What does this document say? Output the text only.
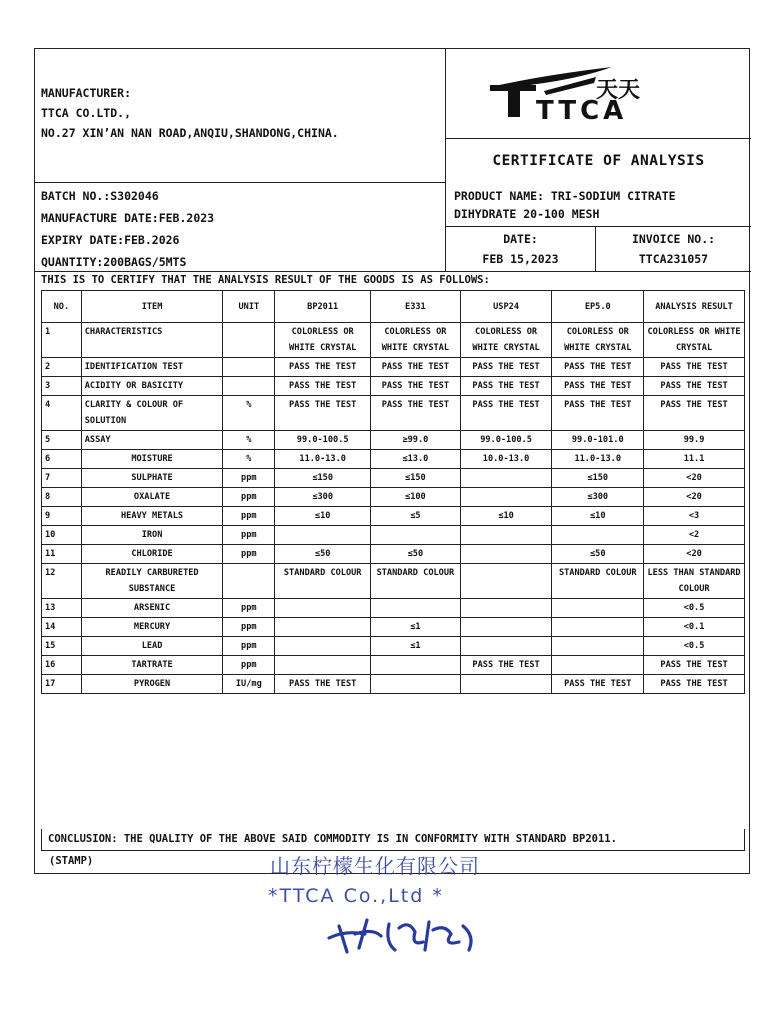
MANUFACTURER:
TTCA CO.LTD.,
NO.27 XIN’AN NAN ROAD,ANQIU,SHANDONG,CHINA.
天天
TTCA
CERTIFICATE OF ANALYSIS
BATCH NO.:S302046
MANUFACTURE DATE:FEB.2023
EXPIRY DATE:FEB.2026
QUANTITY:200BAGS/5MTS
PRODUCT NAME: TRI-SODIUM CITRATE
DIHYDRATE 20-100 MESH
DATE:
FEB 15,2023
INVOICE NO.:
TTCA231057
THIS IS TO CERTIFY THAT THE ANALYSIS RESULT OF THE GOODS IS AS FOLLOWS:
NO.	ITEM	UNIT	BP2011	E331	USP24	EP5.0	ANALYSIS RESULT
1	CHARACTERISTICS		COLORLESS OR WHITE CRYSTAL	COLORLESS OR WHITE CRYSTAL	COLORLESS OR WHITE CRYSTAL	COLORLESS OR WHITE CRYSTAL	COLORLESS OR WHITE CRYSTAL
2	IDENTIFICATION TEST		PASS THE TEST	PASS THE TEST	PASS THE TEST	PASS THE TEST	PASS THE TEST
3	ACIDITY OR BASICITY		PASS THE TEST	PASS THE TEST	PASS THE TEST	PASS THE TEST	PASS THE TEST
4	CLARITY & COLOUR OF SOLUTION	%	PASS THE TEST	PASS THE TEST	PASS THE TEST	PASS THE TEST	PASS THE TEST
5	ASSAY	%	99.0-100.5	≥99.0	99.0-100.5	99.0-101.0	99.9
6	MOISTURE	%	11.0-13.0	≤13.0	10.0-13.0	11.0-13.0	11.1
7	SULPHATE	ppm	≤150	≤150		≤150	<20
8	OXALATE	ppm	≤300	≤100		≤300	<20
9	HEAVY METALS	ppm	≤10	≤5	≤10	≤10	<3
10	IRON	ppm					<2
11	CHLORIDE	ppm	≤50	≤50		≤50	<20
12	READILY CARBURETED SUBSTANCE		STANDARD COLOUR	STANDARD COLOUR		STANDARD COLOUR	LESS THAN STANDARD COLOUR
13	ARSENIC	ppm					<0.5
14	MERCURY	ppm		≤1			<0.1
15	LEAD	ppm		≤1			<0.5
16	TARTRATE	ppm			PASS THE TEST		PASS THE TEST
17	PYROGEN	IU/mg	PASS THE TEST			PASS THE TEST	PASS THE TEST
CONCLUSION: THE QUALITY OF THE ABOVE SAID COMMODITY IS IN CONFORMITY WITH STANDARD BP2011.
(STAMP)	山东柠檬生化有限公司
*TTCA Co.,Ltd *
